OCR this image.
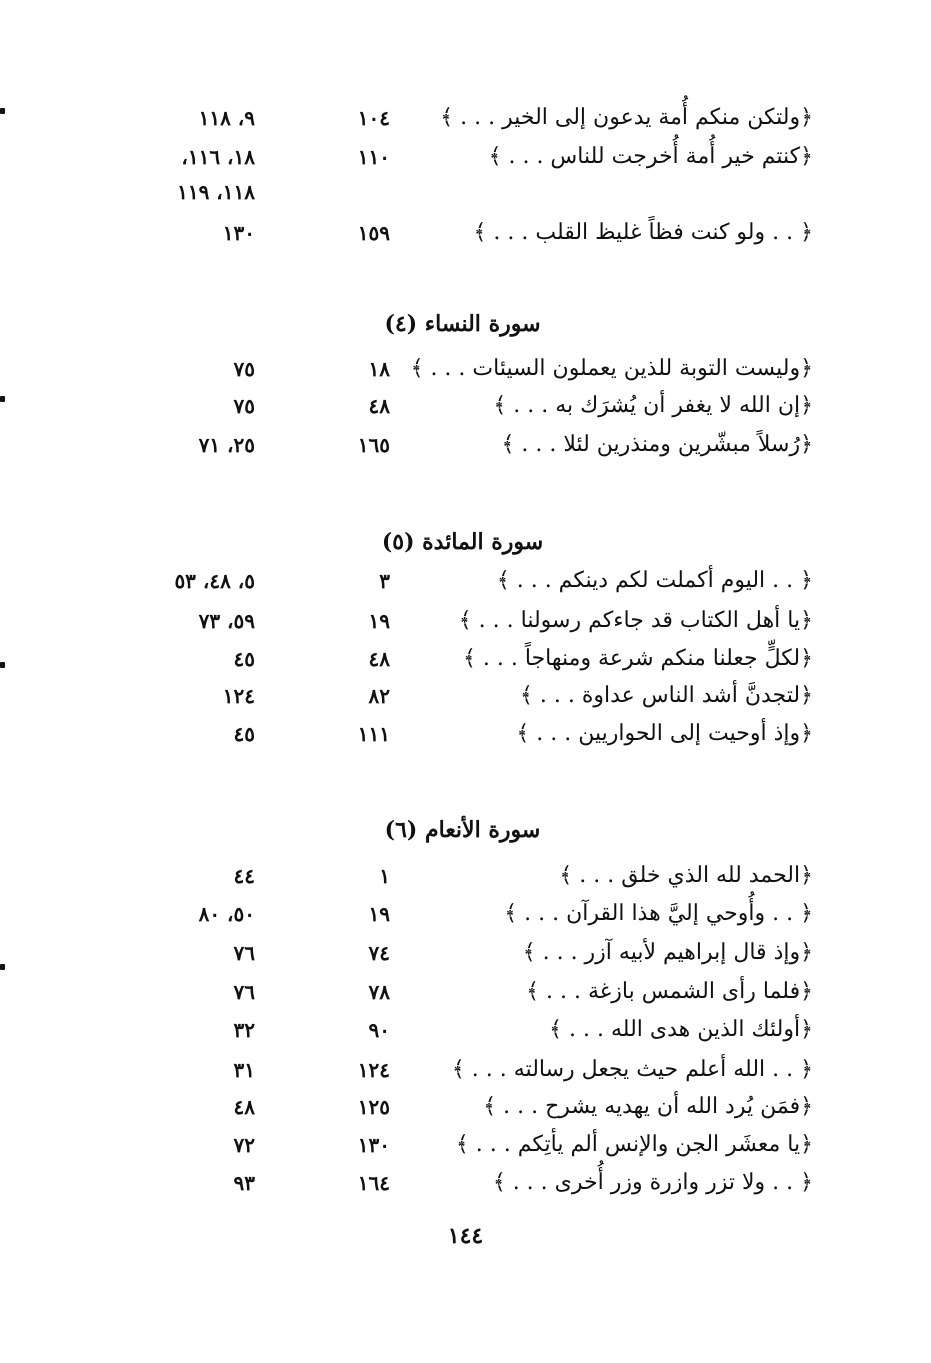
﴿ولتكن منكم أُمة يدعون إلى الخير . . . ﴾
١٠٤
٩، ١١٨
﴿كنتم خير أُمة أُخرجت للناس . . . ﴾
١١٠
١٨، ١١٦،
١١٨، ١١٩
﴿ . . ولو كنت فظاً غليظ القلب . . . ﴾
١٥٩
١٣٠
سورة النساء (٤)
﴿وليست التوبة للذين يعملون السيئات . . . ﴾
١٨
٧٥
﴿إن الله لا يغفر أن يُشرَك به . . . ﴾
٤٨
٧٥
﴿رُسلاً مبشّرين ومنذرين لئلا . . . ﴾
١٦٥
٢٥، ٧١
سورة المائدة (٥)
﴿ . . اليوم أكملت لكم دينكم . . . ﴾
٣
٥، ٤٨، ٥٣
﴿يا أهل الكتاب قد جاءكم رسولنا . . . ﴾
١٩
٥٩، ٧٣
﴿لكلٍّ جعلنا منكم شرعة ومنهاجاً . . . ﴾
٤٨
٤٥
﴿لتجدنَّ أشد الناس عداوة . . . ﴾
٨٢
١٢٤
﴿وإذ أوحيت إلى الحواريين . . . ﴾
١١١
٤٥
سورة الأنعام (٦)
﴿الحمد لله الذي خلق . . . ﴾
١
٤٤
﴿ . . وأُوحي إليَّ هذا القرآن . . . ﴾
١٩
٥٠، ٨٠
﴿وإذ قال إبراهيم لأبيه آزر . . . ﴾
٧٤
٧٦
﴿فلما رأى الشمس بازغة . . . ﴾
٧٨
٧٦
﴿أولئك الذين هدى الله . . . ﴾
٩٠
٣٢
﴿ . . الله أعلم حيث يجعل رسالته . . . ﴾
١٢٤
٣١
﴿فمَن يُرد الله أن يهديه يشرح . . . ﴾
١٢٥
٤٨
﴿يا معشَر الجن والإنس ألم يأتِكم . . . ﴾
١٣٠
٧٢
﴿ . . ولا تزر وازرة وزر أُخرى . . . ﴾
١٦٤
٩٣
١٤٤
